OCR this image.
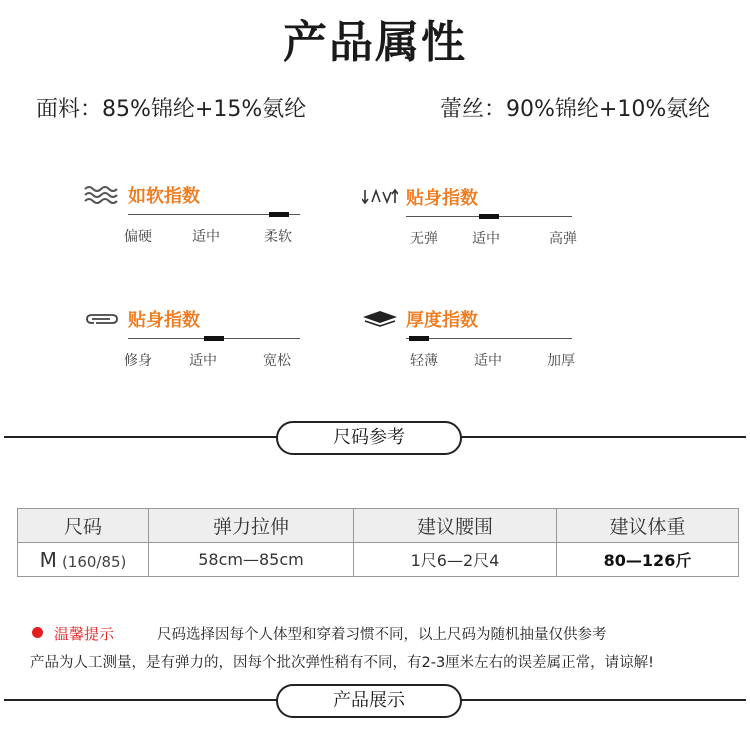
产品属性
面料：85%锦纶+15%氨纶	蕾丝：90%锦纶+10%氨纶
如软指数
偏硬	适中	柔软
贴身指数
无弹 适中	高弹
贴身指数
修身	适中	宽松
厚度指数
轻薄	适中	加厚
尺码参考
尺码	弹力拉伸	建议腰围	建议体重
M (160/85)	58cm—85cm	1尺6—2尺4	80—126斤
温馨提示	尺码选择因每个人体型和穿着习惯不同，以上尺码为随机抽量仅供参考
产品为人工测量，是有弹力的，因每个批次弹性稍有不同，有2-3厘米左右的误差属正常，请谅解!
产品展示
